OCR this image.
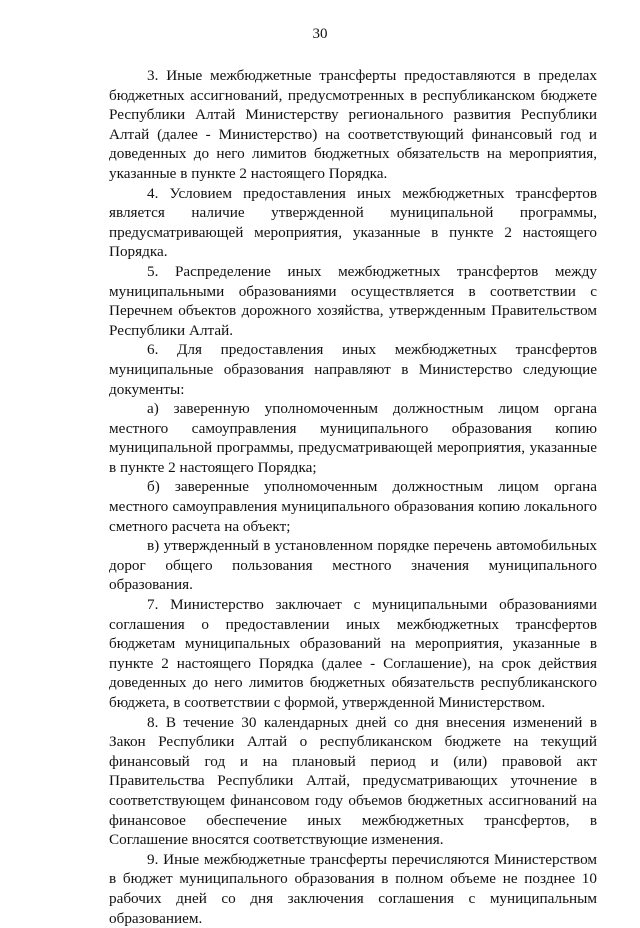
30

3. Иные межбюджетные трансферты предоставляются в пределах бюджетных ассигнований, предусмотренных в республиканском бюджете Республики Алтай Министерству регионального развития Республики Алтай (далее - Министерство) на соответствующий финансовый год и доведенных до него лимитов бюджетных обязательств на мероприятия, указанные в пункте 2 настоящего Порядка.

4. Условием предоставления иных межбюджетных трансфертов является наличие утвержденной муниципальной программы, предусматривающей мероприятия, указанные в пункте 2 настоящего Порядка.

5. Распределение иных межбюджетных трансфертов между муниципальными образованиями осуществляется в соответствии с Перечнем объектов дорожного хозяйства, утвержденным Правительством Республики Алтай.

6. Для предоставления иных межбюджетных трансфертов муниципальные образования направляют в Министерство следующие документы:

а) заверенную уполномоченным должностным лицом органа местного самоуправления муниципального образования копию муниципальной программы, предусматривающей мероприятия, указанные в пункте 2 настоящего Порядка;

б) заверенные уполномоченным должностным лицом органа местного самоуправления муниципального образования копию локального сметного расчета на объект;

в) утвержденный в установленном порядке перечень автомобильных дорог общего пользования местного значения муниципального образования.

7. Министерство заключает с муниципальными образованиями соглашения о предоставлении иных межбюджетных трансфертов бюджетам муниципальных образований на мероприятия, указанные в пункте 2 настоящего Порядка (далее - Соглашение), на срок действия доведенных до него лимитов бюджетных обязательств республиканского бюджета, в соответствии с формой, утвержденной Министерством.

8. В течение 30 календарных дней со дня внесения изменений в Закон Республики Алтай о республиканском бюджете на текущий финансовый год и на плановый период и (или) правовой акт Правительства Республики Алтай, предусматривающих уточнение в соответствующем финансовом году объемов бюджетных ассигнований на финансовое обеспечение иных межбюджетных трансфертов, в Соглашение вносятся соответствующие изменения.

9. Иные межбюджетные трансферты перечисляются Министерством в бюджет муниципального образования в полном объеме не позднее 10 рабочих дней со дня заключения соглашения с муниципальным образованием.
